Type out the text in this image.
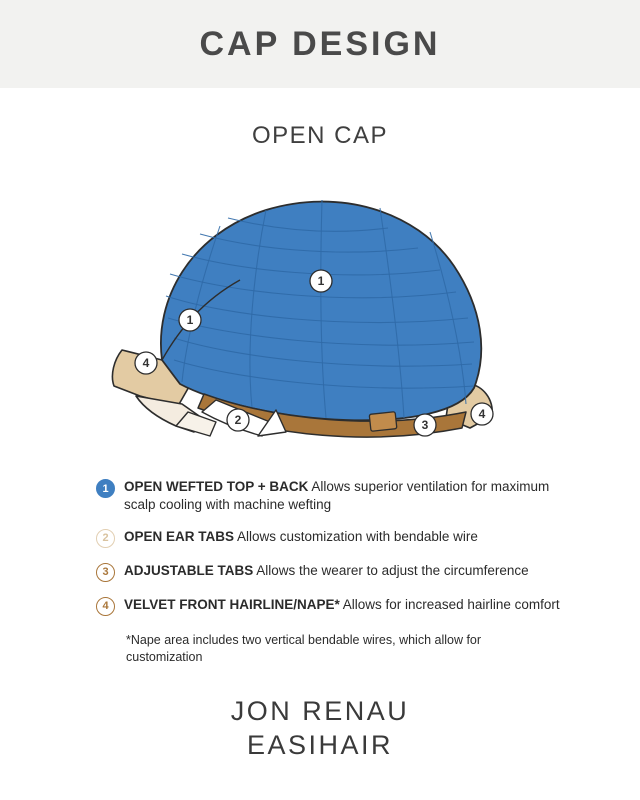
CAP DESIGN
OPEN CAP
1
1
4
2	3
4
1	OPEN WEFTED TOP + BACK Allows superior ventilation for maximum scalp cooling with machine wefting
2	OPEN EAR TABS Allows customization with bendable wire
3	ADJUSTABLE TABS Allows the wearer to adjust the circumference
4	VELVET FRONT HAIRLINE/NAPE* Allows for increased hairline comfort
*Nape area includes two vertical bendable wires, which allow for customization
JON RENAU
EASIHAIR
